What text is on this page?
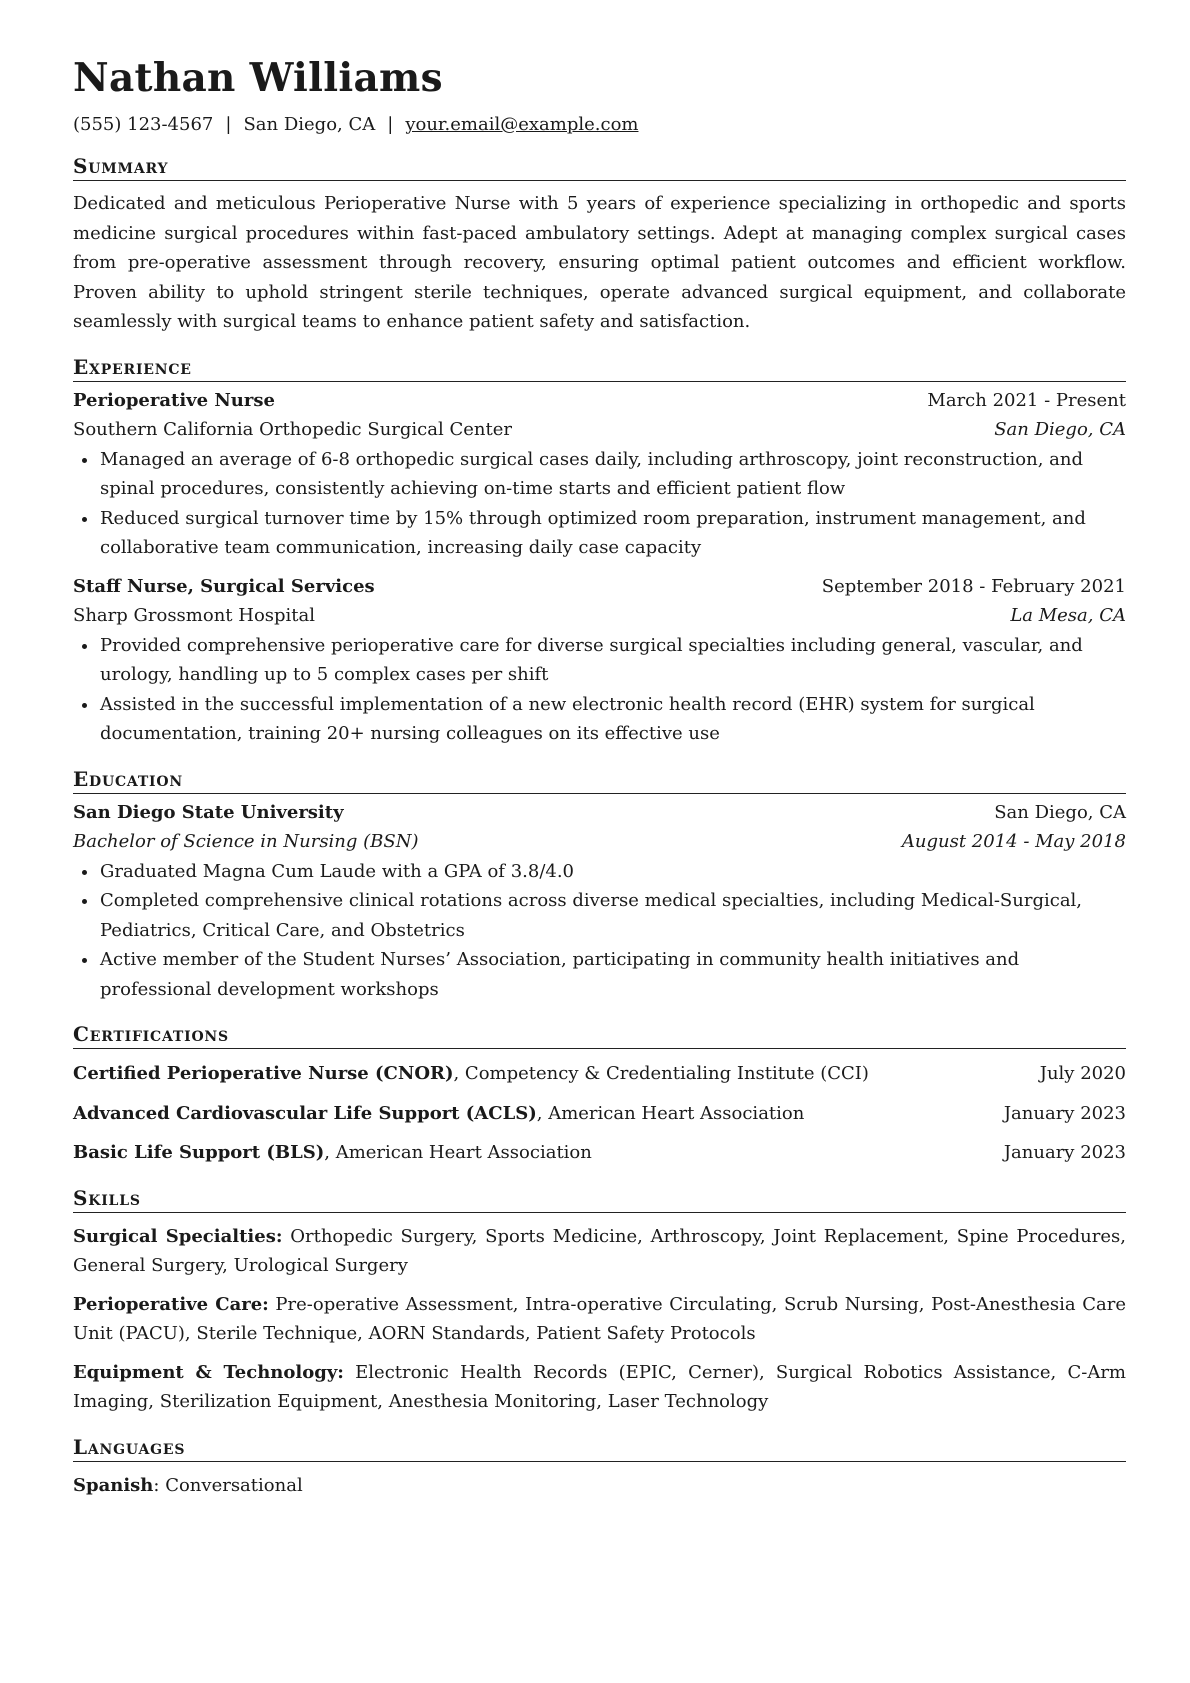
Nathan Williams
(555) 123-4567 | San Diego, CA | your.email@example.com
Summary
Dedicated and meticulous Perioperative Nurse with 5 years of experience specializing in orthopedic and sports medicine surgical procedures within fast-paced ambulatory settings. Adept at managing complex surgical cases from pre-operative assessment through recovery, ensuring optimal patient outcomes and efficient workflow. Proven ability to uphold stringent sterile techniques, operate advanced surgical equipment, and collaborate seamlessly with surgical teams to enhance patient safety and satisfaction.
Experience
Perioperative Nurse	March 2021 - Present
Southern California Orthopedic Surgical Center	San Diego, CA
Managed an average of 6-8 orthopedic surgical cases daily, including arthroscopy, joint reconstruction, and spinal procedures, consistently achieving on-time starts and efficient patient flow
Reduced surgical turnover time by 15% through optimized room preparation, instrument management, and collaborative team communication, increasing daily case capacity
Staff Nurse, Surgical Services	September 2018 - February 2021
Sharp Grossmont Hospital	La Mesa, CA
Provided comprehensive perioperative care for diverse surgical specialties including general, vascular, and urology, handling up to 5 complex cases per shift
Assisted in the successful implementation of a new electronic health record (EHR) system for surgical documentation, training 20+ nursing colleagues on its effective use
Education
San Diego State University	San Diego, CA
Bachelor of Science in Nursing (BSN)	August 2014 - May 2018
Graduated Magna Cum Laude with a GPA of 3.8/4.0
Completed comprehensive clinical rotations across diverse medical specialties, including Medical-Surgical, Pediatrics, Critical Care, and Obstetrics
Active member of the Student Nurses’ Association, participating in community health initiatives and professional development workshops
Certifications
Certified Perioperative Nurse (CNOR), Competency & Credentialing Institute (CCI)	July 2020
Advanced Cardiovascular Life Support (ACLS), American Heart Association	January 2023
Basic Life Support (BLS), American Heart Association	January 2023
Skills
Surgical Specialties: Orthopedic Surgery, Sports Medicine, Arthroscopy, Joint Replacement, Spine Procedures, General Surgery, Urological Surgery
Perioperative Care: Pre-operative Assessment, Intra-operative Circulating, Scrub Nursing, Post-Anesthesia Care Unit (PACU), Sterile Technique, AORN Standards, Patient Safety Protocols
Equipment & Technology: Electronic Health Records (EPIC, Cerner), Surgical Robotics Assistance, C-Arm Imaging, Sterilization Equipment, Anesthesia Monitoring, Laser Technology
Languages
Spanish: Conversational
